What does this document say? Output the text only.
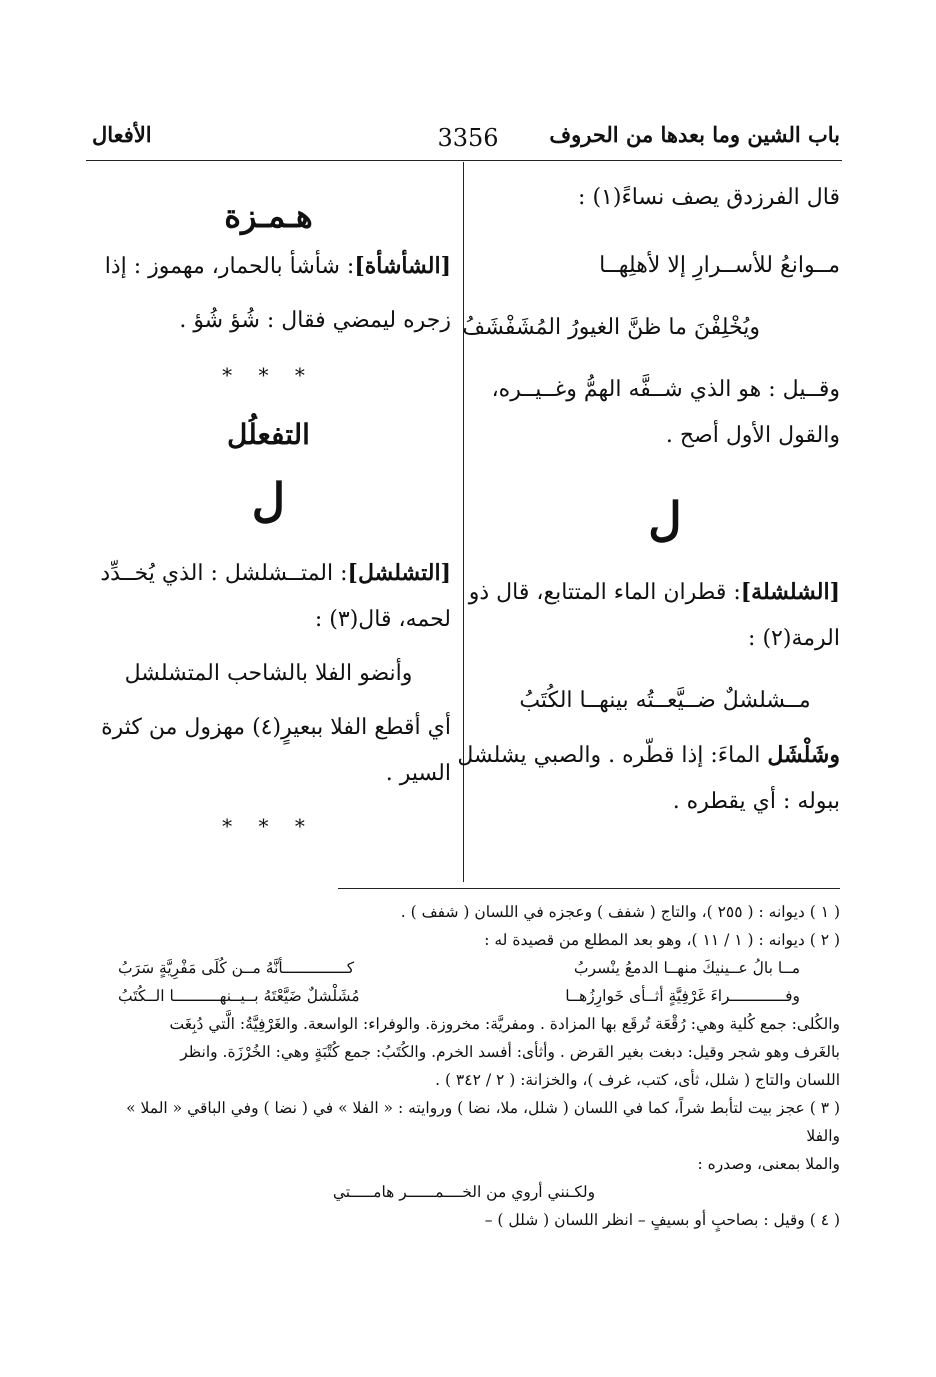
باب الشين وما بعدها من الحروف
3356
الأفعال
قال الفرزدق يصف نساءً(١) :
مــوانعُ للأســرارِ إلا لأهلِهــا
ويُخْلِفْنَ ما ظنَّ الغيورُ المُشَفْشَفُ
وقــيل : هو الذي شــفَّه الهمُّ وغــيــره،
والقول الأول أصح .
ل
[الشلشلة]: قطران الماء المتتابع، قال ذو
الرمة(٢) :
مــشلشلٌ ضــيَّعــتُه بينهــا الكُتَبُ
وشَلْشَل الماءَ: إذا قطّره . والصبي يشلشل
ببوله : أي يقطره .
هـمـزة
[الشأشأة]: شأشأ بالحمار، مهموز : إذا
زجره ليمضي فقال : شُؤ شُؤ .
* * *
التفعلُل
ل
[التشلشل]: المتــشلشل : الذي يُخــدِّد
لحمه، قال(٣) :
وأنضو الفلا بالشاحب المتشلشل
أي أقطع الفلا ببعيرٍ(٤) مهزول من كثرة
السير .
* * *

( ١ ) ديوانه : ( ٢٥٥ )، والتاج ( شفف ) وعجزه في اللسان ( شفف ) .

( ٢ ) ديوانه : ( ١ / ١١ )، وهو بعد المطلع من قصيدة له :

مــا بالُ عــينيكَ منهــا الدمعُ ينْسربُ
كــــــــــــــأنَّهُ مــن كُلَى مَفْرِيَّةٍ سَرَبُ
وفــــــــــــراءَ غَرْفِيَّةٍ أثــأى خَوارِزُهــا
مُشَلْشلٌ ضَيَّعْتَهُ بــيــنهــــــــــا الــكُتَبُ

والكُلى: جمع كُلية وهي: رُقْعَة تُرقَع بها المزادة . ومفريَّة: مخروزة. والوفراء: الواسعة. والغَرْفِيَّةُ: الَّتي دُبِغَت

بالغَرف وهو شجر وقيل: دبغت بغير القرض . وأثأى: أفسد الخرم. والكُتَبُ: جمع كُتْبَةٍ وهي: الخُرْزَة. وانظر

اللسان والتاج ( شلل، ثأى، كتب، غرف )، والخزانة: ( ٢ / ٣٤٢ ) .

( ٣ ) عجز بيت لتأبط شراً، كما في اللسان ( شلل، ملا، نضا ) وروايته : « الفلا » في ( نضا ) وفي الباقي « الملا » والفلا

والملا بمعنى، وصدره :

ولكـنني أروي من الخــــمــــــر هامـــــتي

( ٤ ) وقيل : بصاحبٍ أو بسيفٍ – انظر اللسان ( شلل ) –
